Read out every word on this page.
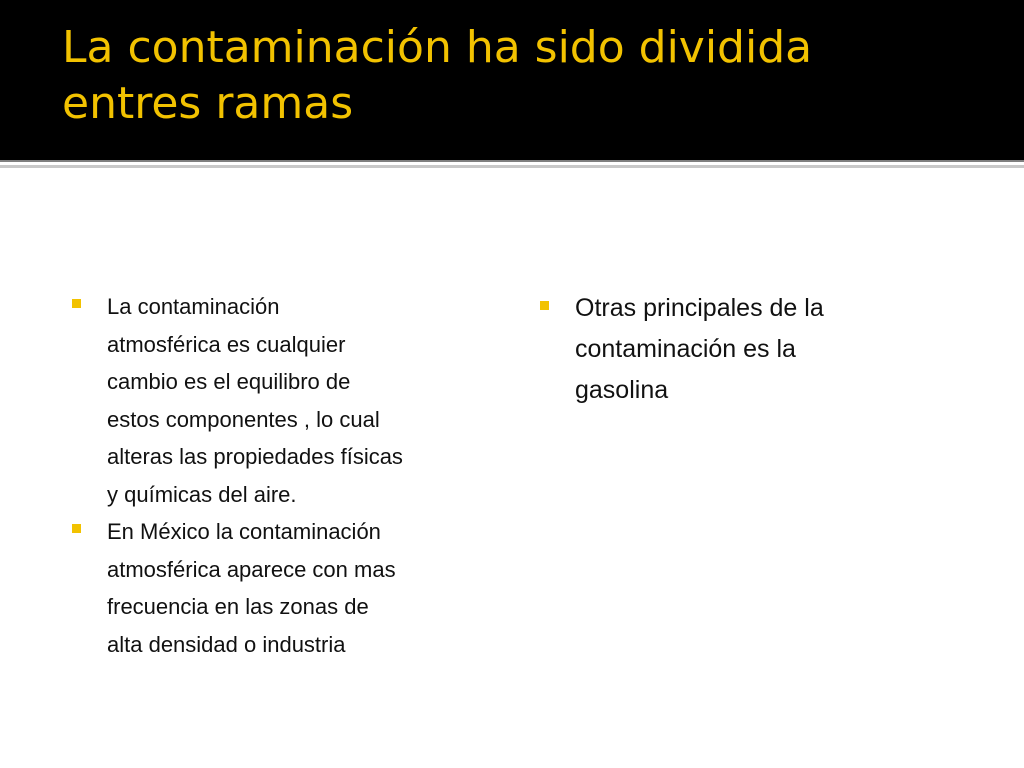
La contaminación ha sido dividida
entres ramas
La contaminación
atmosférica es cualquier
cambio es el equilibro de
estos componentes , lo cual
alteras las propiedades físicas
y químicas del aire.
En México la contaminación
atmosférica aparece con mas
frecuencia en las zonas de
alta densidad o industria
Otras principales de la
contaminación es la
gasolina
